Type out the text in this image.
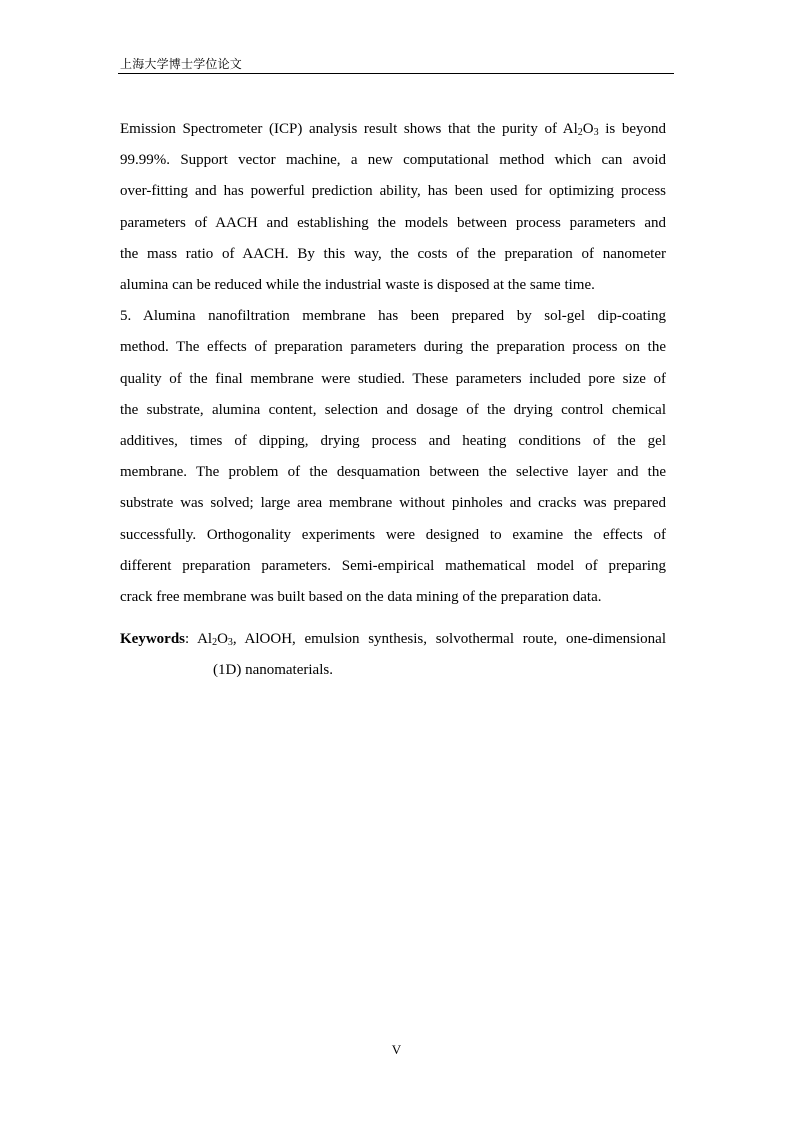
上海大学博士学位论文
Emission Spectrometer (ICP) analysis result shows that the purity of $Al_2O_3$ is beyond
99.99%. Support vector machine, a new computational method which can avoid
over-fitting and has powerful prediction ability, has been used for optimizing process
parameters of AACH and establishing the models between process parameters and
the mass ratio of AACH. By this way, the costs of the preparation of nanometer
alumina can be reduced while the industrial waste is disposed at the same time.
5. Alumina nanofiltration membrane has been prepared by sol-gel dip-coating
method. The effects of preparation parameters during the preparation process on the
quality of the final membrane were studied. These parameters included pore size of
the substrate, alumina content, selection and dosage of the drying control chemical
additives, times of dipping, drying process and heating conditions of the gel
membrane. The problem of the desquamation between the selective layer and the
substrate was solved; large area membrane without pinholes and cracks was prepared
successfully. Orthogonality experiments were designed to examine the effects of
different preparation parameters. Semi-empirical mathematical model of preparing
crack free membrane was built based on the data mining of the preparation data.
Keywords: $Al_2O_3$, AlOOH, emulsion synthesis, solvothermal route, one-dimensional
(1D) nanomaterials.
V
